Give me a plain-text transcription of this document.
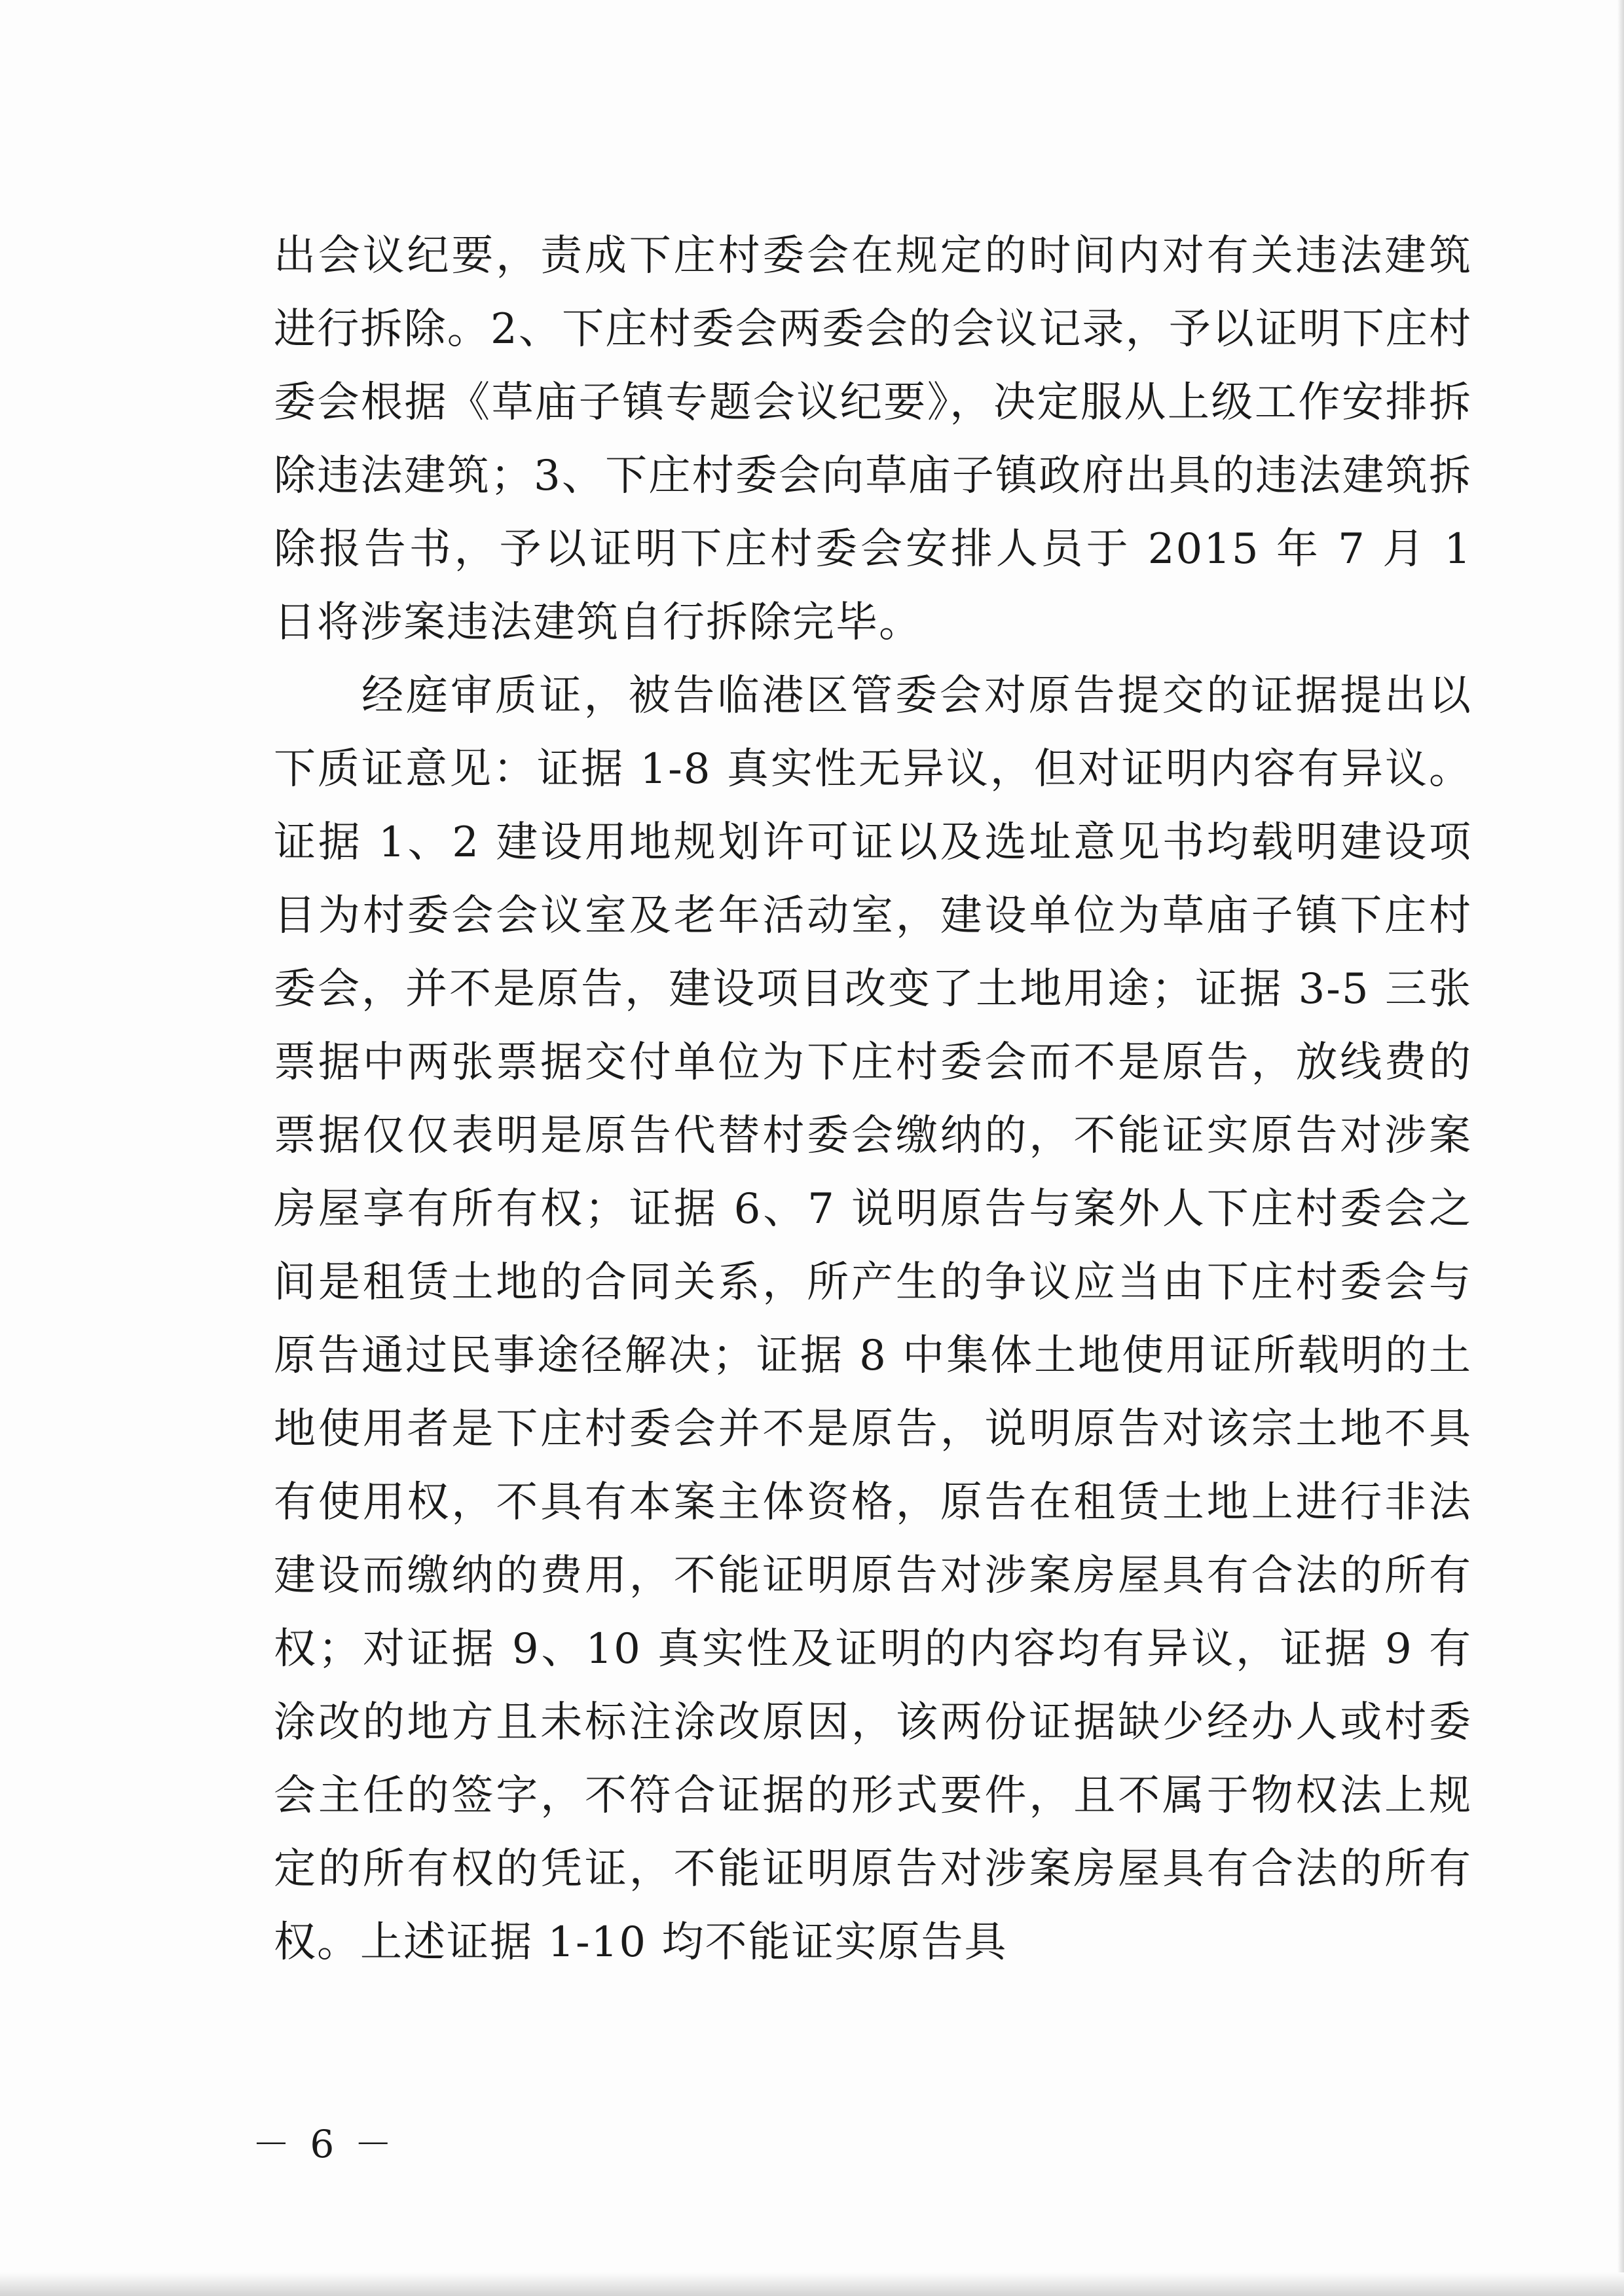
出会议纪要，责成下庄村委会在规定的时间内对有关违法建筑进行拆除。2、下庄村委会两委会的会议记录，予以证明下庄村委会根据《草庙子镇专题会议纪要》，决定服从上级工作安排拆除违法建筑；3、下庄村委会向草庙子镇政府出具的违法建筑拆除报告书，予以证明下庄村委会安排人员于 2015 年 7 月 1 日将涉案违法建筑自行拆除完毕。

经庭审质证，被告临港区管委会对原告提交的证据提出以下质证意见：证据 1-8 真实性无异议，但对证明内容有异议。证据 1、2 建设用地规划许可证以及选址意见书均载明建设项目为村委会会议室及老年活动室，建设单位为草庙子镇下庄村委会，并不是原告，建设项目改变了土地用途；证据 3-5 三张票据中两张票据交付单位为下庄村委会而不是原告，放线费的票据仅仅表明是原告代替村委会缴纳的，不能证实原告对涉案房屋享有所有权；证据 6、7 说明原告与案外人下庄村委会之间是租赁土地的合同关系，所产生的争议应当由下庄村委会与原告通过民事途径解决；证据 8 中集体土地使用证所载明的土地使用者是下庄村委会并不是原告，说明原告对该宗土地不具有使用权，不具有本案主体资格，原告在租赁土地上进行非法建设而缴纳的费用，不能证明原告对涉案房屋具有合法的所有权；对证据 9、10 真实性及证明的内容均有异议，证据 9 有涂改的地方且未标注涂改原因，该两份证据缺少经办人或村委会主任的签字，不符合证据的形式要件，且不属于物权法上规定的所有权的凭证，不能证明原告对涉案房屋具有合法的所有权。上述证据 1-10 均不能证实原告具

－ 6 －
